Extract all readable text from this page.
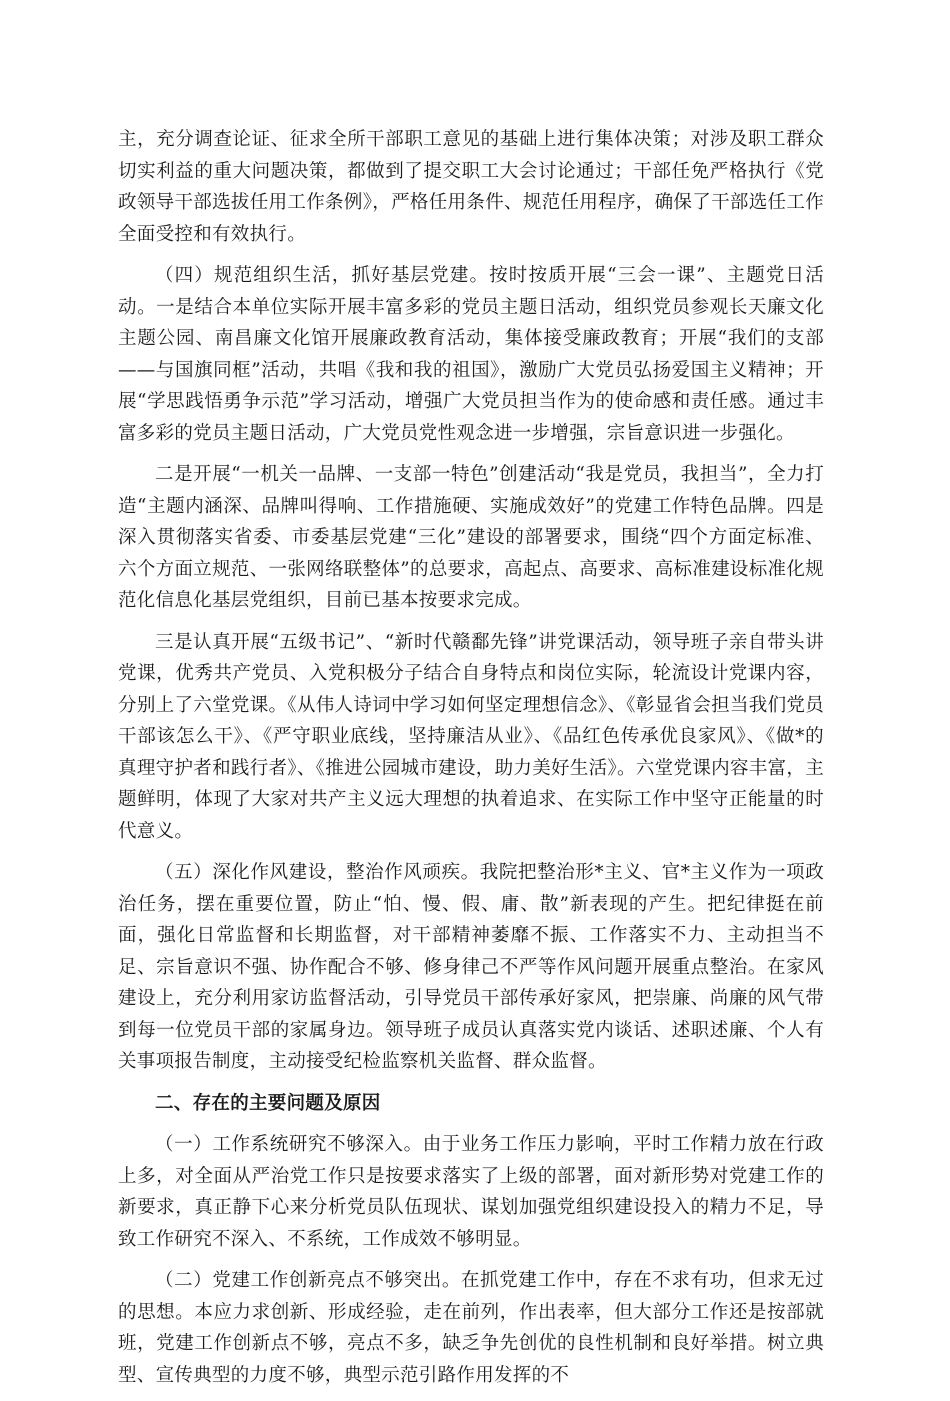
主，充分调查论证、征求全所干部职工意见的基础上进行集体决策；对涉及职工群众切实利益的重大问题决策，都做到了提交职工大会讨论通过；干部任免严格执行《党政领导干部选拔任用工作条例》，严格任用条件、规范任用程序，确保了干部选任工作全面受控和有效执行。

（四）规范组织生活，抓好基层党建。按时按质开展“三会一课”、主题党日活动。一是结合本单位实际开展丰富多彩的党员主题日活动，组织党员参观长天廉文化主题公园、南昌廉文化馆开展廉政教育活动，集体接受廉政教育；开展“我们的支部——与国旗同框”活动，共唱《我和我的祖国》，激励广大党员弘扬爱国主义精神；开展“学思践悟勇争示范”学习活动，增强广大党员担当作为的使命感和责任感。通过丰富多彩的党员主题日活动，广大党员党性观念进一步增强，宗旨意识进一步强化。

二是开展“一机关一品牌、一支部一特色”创建活动“我是党员，我担当”，全力打造“主题内涵深、品牌叫得响、工作措施硬、实施成效好”的党建工作特色品牌。四是深入贯彻落实省委、市委基层党建“三化”建设的部署要求，围绕“四个方面定标准、六个方面立规范、一张网络联整体”的总要求，高起点、高要求、高标准建设标准化规范化信息化基层党组织，目前已基本按要求完成。

三是认真开展“五级书记”、“新时代赣鄱先锋”讲党课活动，领导班子亲自带头讲党课，优秀共产党员、入党积极分子结合自身特点和岗位实际，轮流设计党课内容，分别上了六堂党课。《从伟人诗词中学习如何坚定理想信念》、《彰显省会担当我们党员干部该怎么干》、《严守职业底线，坚持廉洁从业》、《品红色传承优良家风》、《做*的真理守护者和践行者》、《推进公园城市建设，助力美好生活》。六堂党课内容丰富，主题鲜明，体现了大家对共产主义远大理想的执着追求、在实际工作中坚守正能量的时代意义。

（五）深化作风建设，整治作风顽疾。我院把整治形*主义、官*主义作为一项政治任务，摆在重要位置，防止“怕、慢、假、庸、散”新表现的产生。把纪律挺在前面，强化日常监督和长期监督，对干部精神萎靡不振、工作落实不力、主动担当不足、宗旨意识不强、协作配合不够、修身律己不严等作风问题开展重点整治。在家风建设上，充分利用家访监督活动，引导党员干部传承好家风，把崇廉、尚廉的风气带到每一位党员干部的家属身边。领导班子成员认真落实党内谈话、述职述廉、个人有关事项报告制度，主动接受纪检监察机关监督、群众监督。

二、存在的主要问题及原因

（一）工作系统研究不够深入。由于业务工作压力影响，平时工作精力放在行政上多，对全面从严治党工作只是按要求落实了上级的部署，面对新形势对党建工作的新要求，真正静下心来分析党员队伍现状、谋划加强党组织建设投入的精力不足，导致工作研究不深入、不系统，工作成效不够明显。

（二）党建工作创新亮点不够突出。在抓党建工作中，存在不求有功，但求无过的思想。本应力求创新、形成经验，走在前列，作出表率，但大部分工作还是按部就班，党建工作创新点不够，亮点不多，缺乏争先创优的良性机制和良好举措。树立典型、宣传典型的力度不够，典型示范引路作用发挥的不
